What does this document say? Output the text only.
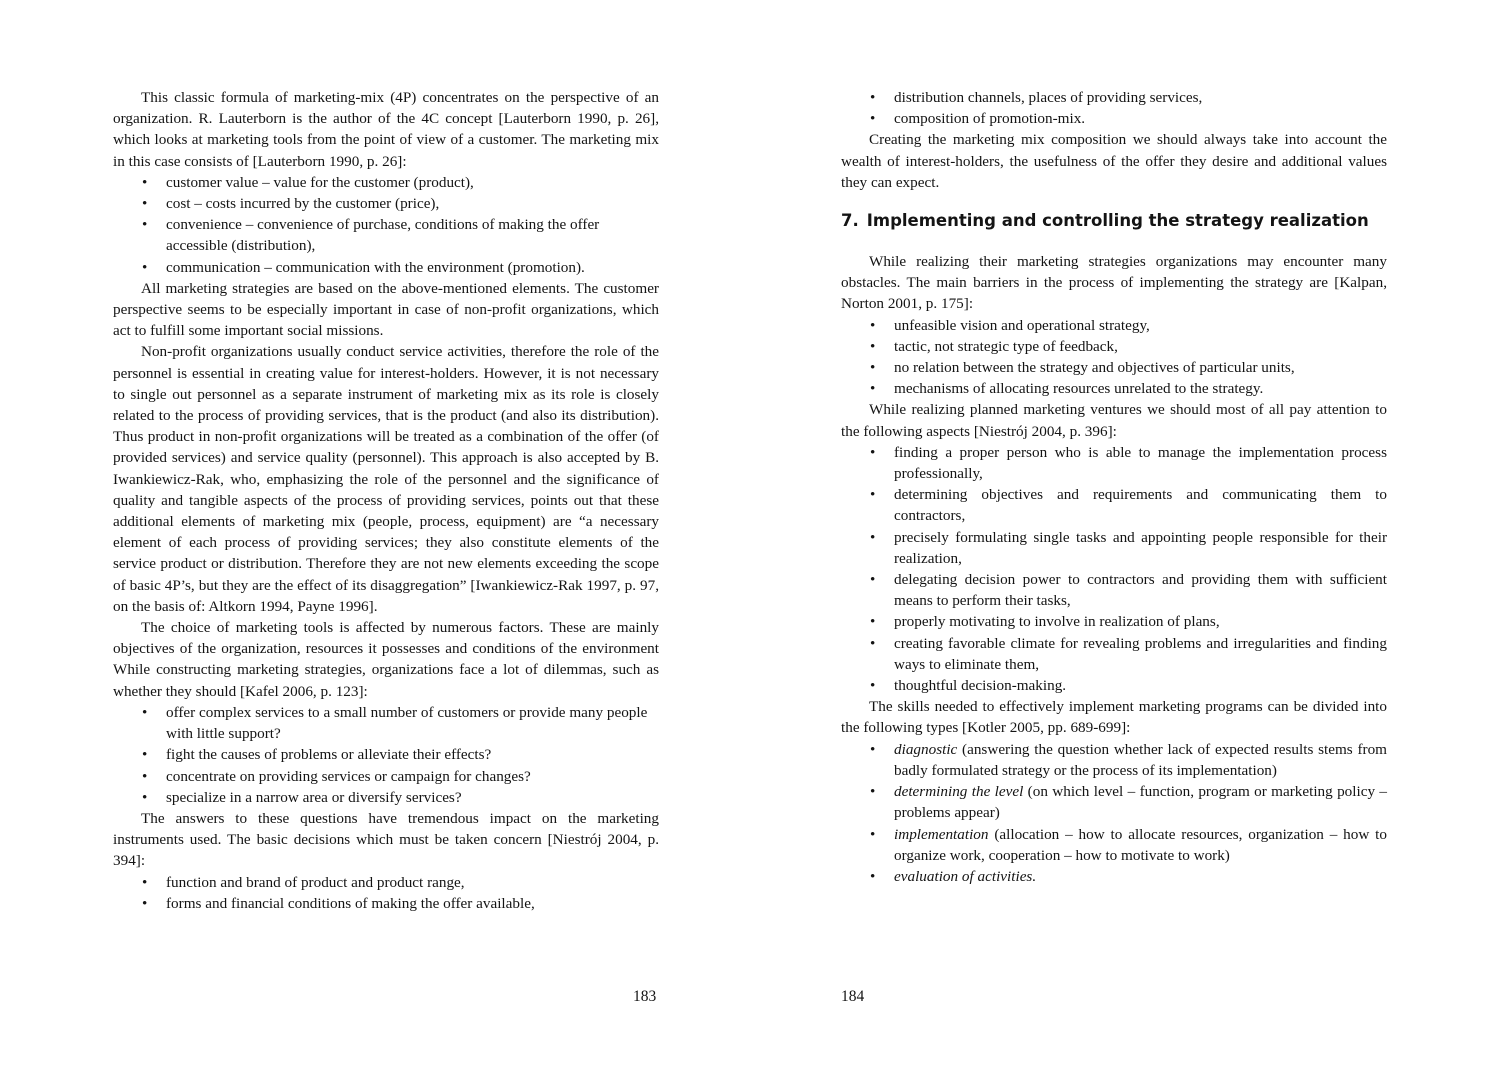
This classic formula of marketing-mix (4P) concentrates on the perspective of an organization. R. Lauterborn is the author of the 4C concept [Lauterborn 1990, p. 26], which looks at marketing tools from the point of view of a customer. The marketing mix in this case consists of [Lauterborn 1990, p. 26]:

• customer value – value for the customer (product),
• cost – costs incurred by the customer (price),
• convenience – convenience of purchase, conditions of making the offer accessible (distribution),
• communication – communication with the environment (promotion).

All marketing strategies are based on the above-mentioned elements. The customer perspective seems to be especially important in case of non-profit organizations, which act to fulfill some important social missions.

Non-profit organizations usually conduct service activities, therefore the role of the personnel is essential in creating value for interest-holders. However, it is not necessary to single out personnel as a separate instrument of marketing mix as its role is closely related to the process of providing services, that is the product (and also its distribution). Thus product in non-profit organizations will be treated as a combination of the offer (of provided services) and service quality (personnel). This approach is also accepted by B. Iwankiewicz-Rak, who, emphasizing the role of the personnel and the significance of quality and tangible aspects of the process of providing services, points out that these additional elements of marketing mix (people, process, equipment) are “a necessary element of each process of providing services; they also constitute elements of the service product or distribution. Therefore they are not new elements exceeding the scope of basic 4P’s, but they are the effect of its disaggregation” [Iwankiewicz-Rak 1997, p. 97, on the basis of: Altkorn 1994, Payne 1996].

The choice of marketing tools is affected by numerous factors. These are mainly objectives of the organization, resources it possesses and conditions of the environment While constructing marketing strategies, organizations face a lot of dilemmas, such as whether they should [Kafel 2006, p. 123]:

• offer complex services to a small number of customers or provide many people with little support?
• fight the causes of problems or alleviate their effects?
• concentrate on providing services or campaign for changes?
• specialize in a narrow area or diversify services?

The answers to these questions have tremendous impact on the marketing instruments used. The basic decisions which must be taken concern [Niestrój 2004, p. 394]:

• function and brand of product and product range,
• forms and financial conditions of making the offer available,
183
• distribution channels, places of providing services,
• composition of promotion-mix.

Creating the marketing mix composition we should always take into account the wealth of interest-holders, the usefulness of the offer they desire and additional values they can expect.

7. Implementing and controlling the strategy realization

While realizing their marketing strategies organizations may encounter many obstacles. The main barriers in the process of implementing the strategy are [Kalpan, Norton 2001, p. 175]:

• unfeasible vision and operational strategy,
• tactic, not strategic type of feedback,
• no relation between the strategy and objectives of particular units,
• mechanisms of allocating resources unrelated to the strategy.

While realizing planned marketing ventures we should most of all pay attention to the following aspects [Niestrój 2004, p. 396]:

• finding a proper person who is able to manage the implementation process professionally,
• determining objectives and requirements and communicating them to contractors,
• precisely formulating single tasks and appointing people responsible for their realization,
• delegating decision power to contractors and providing them with sufficient means to perform their tasks,
• properly motivating to involve in realization of plans,
• creating favorable climate for revealing problems and irregularities and finding ways to eliminate them,
• thoughtful decision-making.

The skills needed to effectively implement marketing programs can be divided into the following types [Kotler 2005, pp. 689-699]:

• diagnostic (answering the question whether lack of expected results stems from badly formulated strategy or the process of its implementation)
• determining the level (on which level – function, program or marketing policy – problems appear)
• implementation (allocation – how to allocate resources, organization – how to organize work, cooperation – how to motivate to work)
• evaluation of activities.
184
